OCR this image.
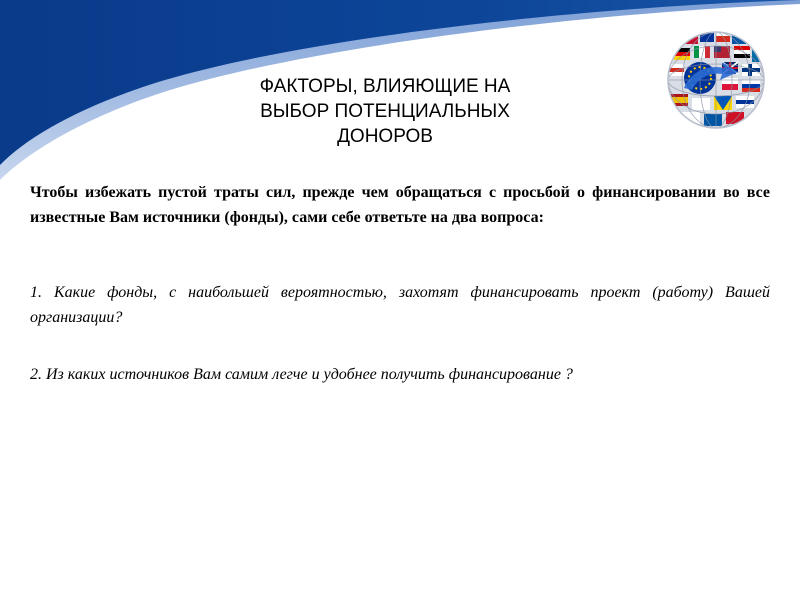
ФАКТОРЫ, ВЛИЯЮЩИЕ НА
ВЫБОР ПОТЕНЦИАЛЬНЫХ
ДОНОРОВ
Чтобы избежать пустой траты сил, прежде чем обращаться с просьбой о финансировании во все известные Вам источники (фонды), сами себе ответьте на два вопроса:
1. Какие фонды, с наибольшей вероятностью, захотят финансировать проект (работу) Вашей организации?
2. Из каких источников Вам самим легче и удобнее получить финансирование ?
